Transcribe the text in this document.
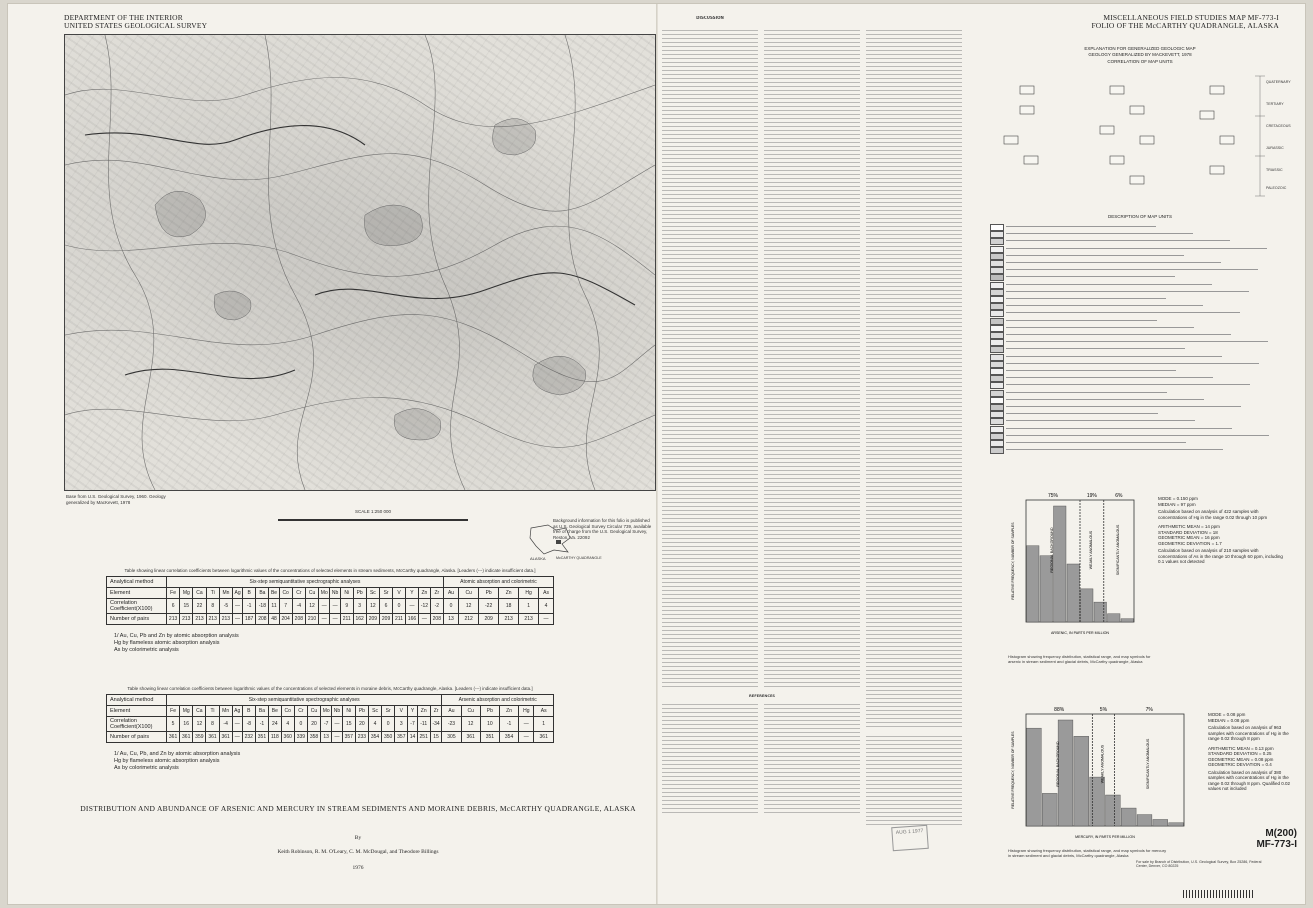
DEPARTMENT OF THE INTERIOR
UNITED STATES GEOLOGICAL SURVEY
MISCELLANEOUS FIELD STUDIES MAP MF-773-I
FOLIO OF THE McCARTHY QUADRANGLE, ALASKA
Base from U.S. Geological Survey, 1960. Geology generalized by MacKevett, 1978
SCALE 1:250 000
ALASKA	McCARTHY QUADRANGLE
Background information for this folio is published as U.S. Geological Survey Circular 739, available free of charge from the U.S. Geological Survey, Reston, Va. 22092
Table showing linear correlation coefficients between logarithmic values of the concentrations of selected elements in stream sediments, McCarthy quadrangle, Alaska. [Leaders (---) indicate insufficient data.]
Analytical method	Six-step semiquantitative spectrographic analyses																						Atomic absorption and colorimetric					
Element	Fe	Mg	Ca	Ti	Mn	Ag	B	Ba	Be	Co	Cr	Cu	Mo	Nb	Ni	Pb	Sc	Sr	V	Y	Zn	Zr	Au	Cu	Pb	Zn	Hg	As
Correlation Coefficient(X100)	6	15	22	8	-5	—	-1	-18	11	7	-4	12	—	—	9	3	12	6	0	—	-12	-2	0	12	-22	18	1	4
Number of pairs	213	213	213	213	213	—	187	208	48	204	208	210	—	—	211	162	209	209	211	166	—	208	13	212	209	213	213	—
1/ Au, Cu, Pb and Zn by atomic absorption analysis
Hg by flameless atomic absorption analysis
As by colorimetric analysis
Table showing linear correlation coefficients between logarithmic values of the concentrations of selected elements in moraine debris, McCarthy quadrangle, Alaska. [Leaders (---) indicate insufficient data.]
Analytical method	Six-step semiquantitative spectrographic analyses																						Arsenic absorption and colorimetric					
Element	Fe	Mg	Ca	Ti	Mn	Ag	B	Ba	Be	Co	Cr	Cu	Mo	Nb	Ni	Pb	Sc	Sr	V	Y	Zn	Zr	Au	Cu	Pb	Zn	Hg	As
Correlation Coefficient(X100)	5	16	12	8	-4	—	-8	-1	24	4	0	20	-7	—	15	20	4	0	3	-7	-11	-34	-23	12	10	-1	—	1
Number of pairs	361	361	359	361	361	—	232	351	118	360	339	358	13	—	357	233	354	350	357	14	251	15	305	361	351	354	—	361
1/ Au, Cu, Pb, and Zn by atomic absorption analysis
Hg by flameless atomic absorption analysis
As by colorimetric analysis
DISTRIBUTION AND ABUNDANCE OF ARSENIC AND MERCURY IN STREAM SEDIMENTS AND MORAINE DEBRIS, McCARTHY QUADRANGLE, ALASKA
By
Keith Robinson, R. M. O'Leary, C. M. McDougal, and Theodore Billings
1976
DISCUSSION
REFERENCES
EXPLANATION FOR GENERALIZED GEOLOGIC MAP
GEOLOGY GENERALIZED BY MACKEVETT, 1978
CORRELATION OF MAP UNITS
QUATERNARY
TERTIARY
CRETACEOUS
JURASSIC
TRIASSIC
PALEOZOIC
DESCRIPTION OF MAP UNITS
75%	19%	6%
REGIONAL BACKGROUND	WEAKLY ANOMALOUS	SIGNIFICANTLY ANOMALOUS
RELATIVE FREQUENCY, NUMBER OF SAMPLES
ARSENIC, IN PARTS PER MILLION
MODE = 0.150 ppm
MEDIAN = 97 ppm
Calculation based on analysis of 422 samples with concentrations of Hg in the range 0.02 through 10 ppm
ARITHMETIC MEAN = 14 ppm
STANDARD DEVIATION = 18
GEOMETRIC MEAN = 16 ppm
GEOMETRIC DEVIATION = 1.7
Calculation based on analysis of 210 samples with concentrations of As in the range 10 through 60 ppm, including 0.1 values not detected
Histogram showing frequency distribution, statistical range, and map symbols for arsenic in stream sediment and glacial debris, McCarthy quadrangle, Alaska
88%	5%	7%
REGIONAL BACKGROUND	WEAKLY ANOMALOUS	SIGNIFICANTLY ANOMALOUS
RELATIVE FREQUENCY, NUMBER OF SAMPLES
MERCURY, IN PARTS PER MILLION
MODE = 0.08 ppm
MEDIAN = 0.08 ppm
Calculation based on analysis of 963 samples with concentrations of Hg in the range 0.02 through 8 ppm
ARITHMETIC MEAN = 0.13 ppm
STANDARD DEVIATION = 0.25
GEOMETRIC MEAN = 0.08 ppm
GEOMETRIC DEVIATION = 0.4
Calculation based on analysis of 380 samples with concentrations of Hg in the range 0.02 through 8 ppm. Qualified 0.02 values not included
Histogram showing frequency distribution, statistical range, and map symbols for mercury in stream sediment and glacial debris, McCarthy quadrangle, Alaska
AUG 1 1977	M(200)
MF-773-I
For sale by Branch of Distribution, U.S. Geological Survey, Box 25286, Federal Center, Denver, CO 80225
